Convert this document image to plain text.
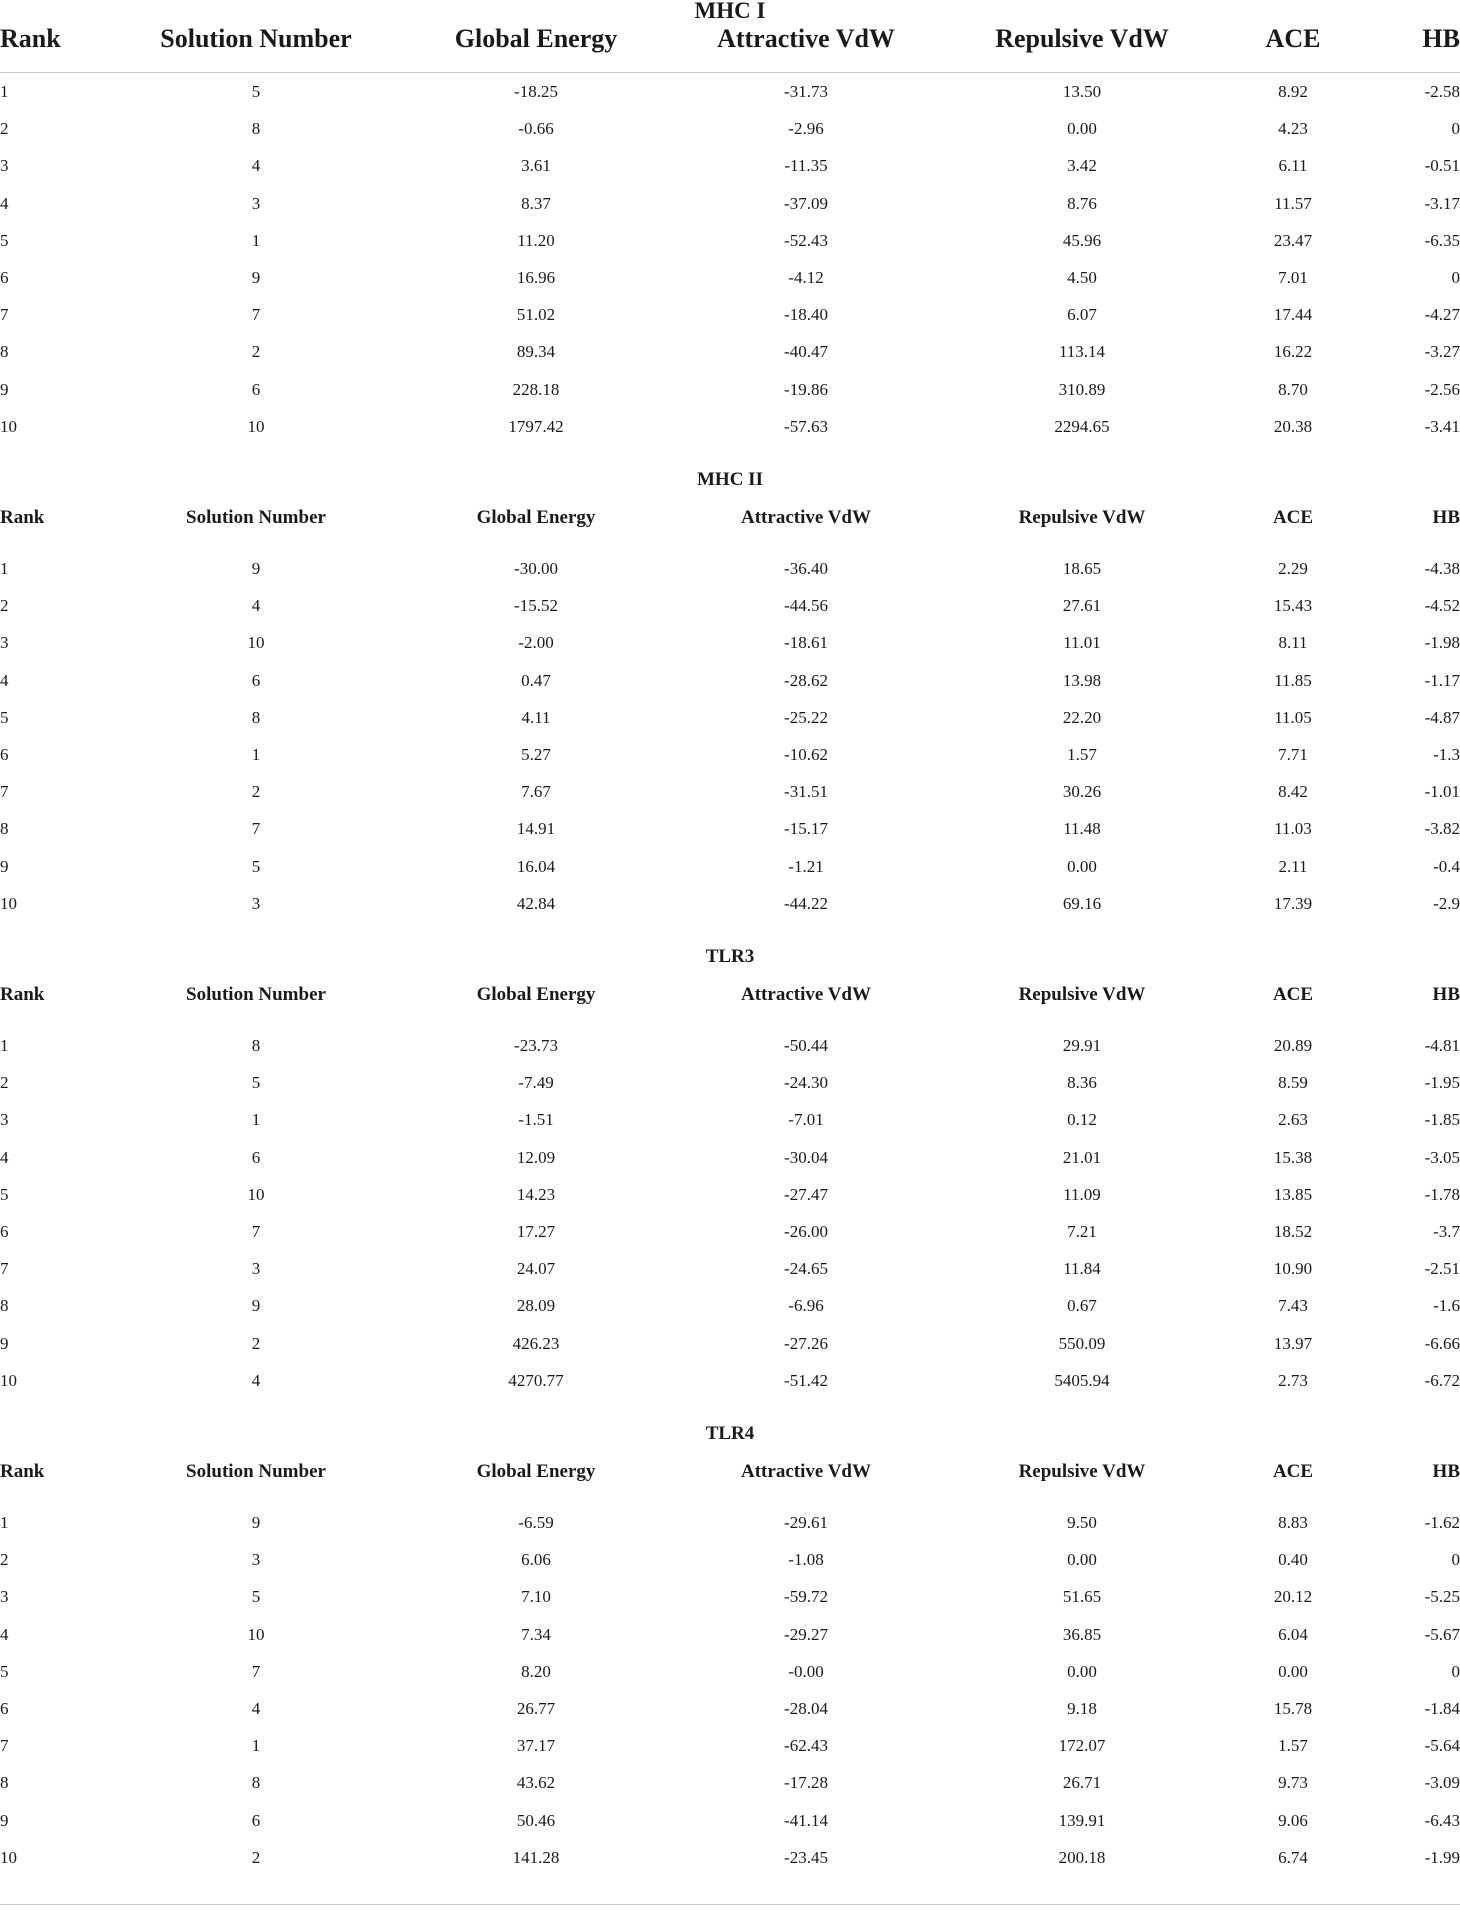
MHC I
Rank	Solution Number	Global Energy	Attractive VdW	Repulsive VdW	ACE	HB
1	5	-18.25	-31.73	13.50	8.92	-2.58
2	8	-0.66	-2.96	0.00	4.23	0
3	4	3.61	-11.35	3.42	6.11	-0.51
4	3	8.37	-37.09	8.76	11.57	-3.17
5	1	11.20	-52.43	45.96	23.47	-6.35
6	9	16.96	-4.12	4.50	7.01	0
7	7	51.02	-18.40	6.07	17.44	-4.27
8	2	89.34	-40.47	113.14	16.22	-3.27
9	6	228.18	-19.86	310.89	8.70	-2.56
10	10	1797.42	-57.63	2294.65	20.38	-3.41
MHC II
Rank	Solution Number	Global Energy	Attractive VdW	Repulsive VdW	ACE	HB
1	9	-30.00	-36.40	18.65	2.29	-4.38
2	4	-15.52	-44.56	27.61	15.43	-4.52
3	10	-2.00	-18.61	11.01	8.11	-1.98
4	6	0.47	-28.62	13.98	11.85	-1.17
5	8	4.11	-25.22	22.20	11.05	-4.87
6	1	5.27	-10.62	1.57	7.71	-1.3
7	2	7.67	-31.51	30.26	8.42	-1.01
8	7	14.91	-15.17	11.48	11.03	-3.82
9	5	16.04	-1.21	0.00	2.11	-0.4
10	3	42.84	-44.22	69.16	17.39	-2.9
TLR3
Rank	Solution Number	Global Energy	Attractive VdW	Repulsive VdW	ACE	HB
1	8	-23.73	-50.44	29.91	20.89	-4.81
2	5	-7.49	-24.30	8.36	8.59	-1.95
3	1	-1.51	-7.01	0.12	2.63	-1.85
4	6	12.09	-30.04	21.01	15.38	-3.05
5	10	14.23	-27.47	11.09	13.85	-1.78
6	7	17.27	-26.00	7.21	18.52	-3.7
7	3	24.07	-24.65	11.84	10.90	-2.51
8	9	28.09	-6.96	0.67	7.43	-1.6
9	2	426.23	-27.26	550.09	13.97	-6.66
10	4	4270.77	-51.42	5405.94	2.73	-6.72
TLR4
Rank	Solution Number	Global Energy	Attractive VdW	Repulsive VdW	ACE	HB
1	9	-6.59	-29.61	9.50	8.83	-1.62
2	3	6.06	-1.08	0.00	0.40	0
3	5	7.10	-59.72	51.65	20.12	-5.25
4	10	7.34	-29.27	36.85	6.04	-5.67
5	7	8.20	-0.00	0.00	0.00	0
6	4	26.77	-28.04	9.18	15.78	-1.84
7	1	37.17	-62.43	172.07	1.57	-5.64
8	8	43.62	-17.28	26.71	9.73	-3.09
9	6	50.46	-41.14	139.91	9.06	-6.43
10	2	141.28	-23.45	200.18	6.74	-1.99
